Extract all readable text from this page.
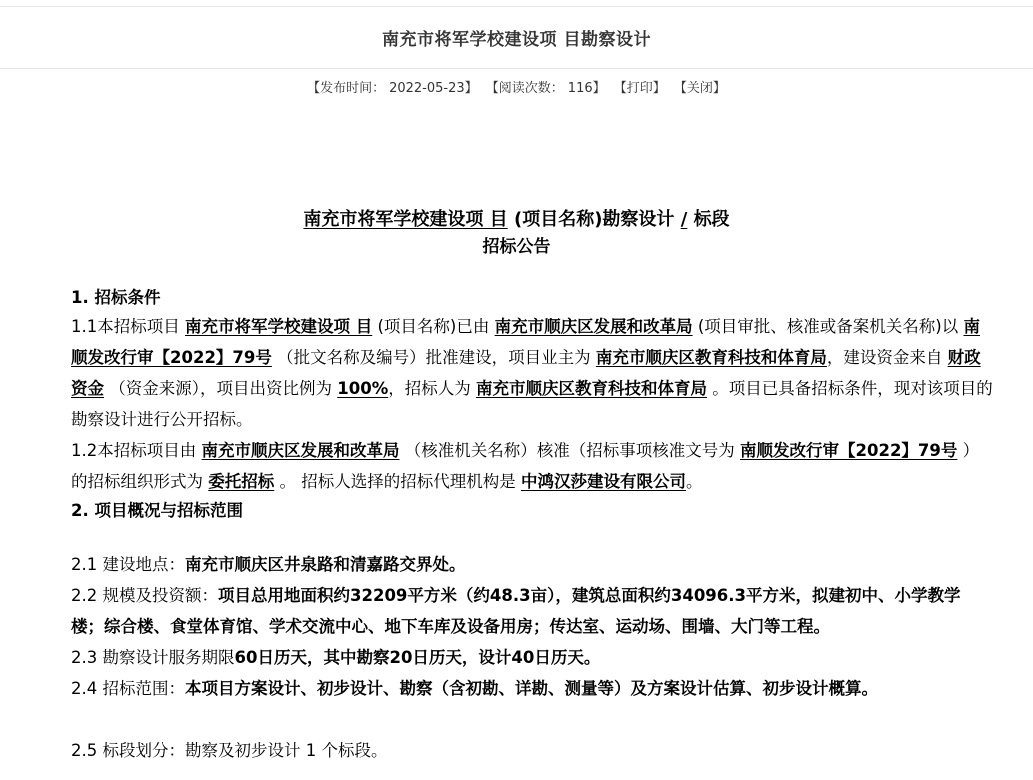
南充市将军学校建设项 目勘察设计
【发布时间： 2022-05-23】 【阅读次数： 116】 【打印】 【关闭】
南充市将军学校建设项 目 (项目名称)勘察设计 / 标段
招标公告

1. 招标条件

1.1本招标项目 南充市将军学校建设项 目 (项目名称)已由 南充市顺庆区发展和改革局 (项目审批、核准或备案机关名称)以 南顺发改行审【2022】79号 （批文名称及编号）批准建设，项目业主为 南充市顺庆区教育科技和体育局，建设资金来自 财政资金 （资金来源），项目出资比例为 100%，招标人为 南充市顺庆区教育科技和体育局 。项目已具备招标条件，现对该项目的勘察设计进行公开招标。

1.2本招标项目由 南充市顺庆区发展和改革局 （核准机关名称）核准（招标事项核准文号为 南顺发改行审【2022】79号 ）的招标组织形式为 委托招标 。 招标人选择的招标代理机构是 中鸿汉莎建设有限公司。

2. 项目概况与招标范围

2.1 建设地点：南充市顺庆区井泉路和清嘉路交界处。

2.2 规模及投资额：项目总用地面积约32209平方米（约48.3亩），建筑总面积约34096.3平方米，拟建初中、小学教学楼；综合楼、食堂体育馆、学术交流中心、地下车库及设备用房；传达室、运动场、围墙、大门等工程。

2.3 勘察设计服务期限60日历天，其中勘察20日历天，设计40日历天。

2.4 招标范围：本项目方案设计、初步设计、勘察（含初勘、详勘、测量等）及方案设计估算、初步设计概算。

2.5 标段划分：勘察及初步设计 1 个标段。
